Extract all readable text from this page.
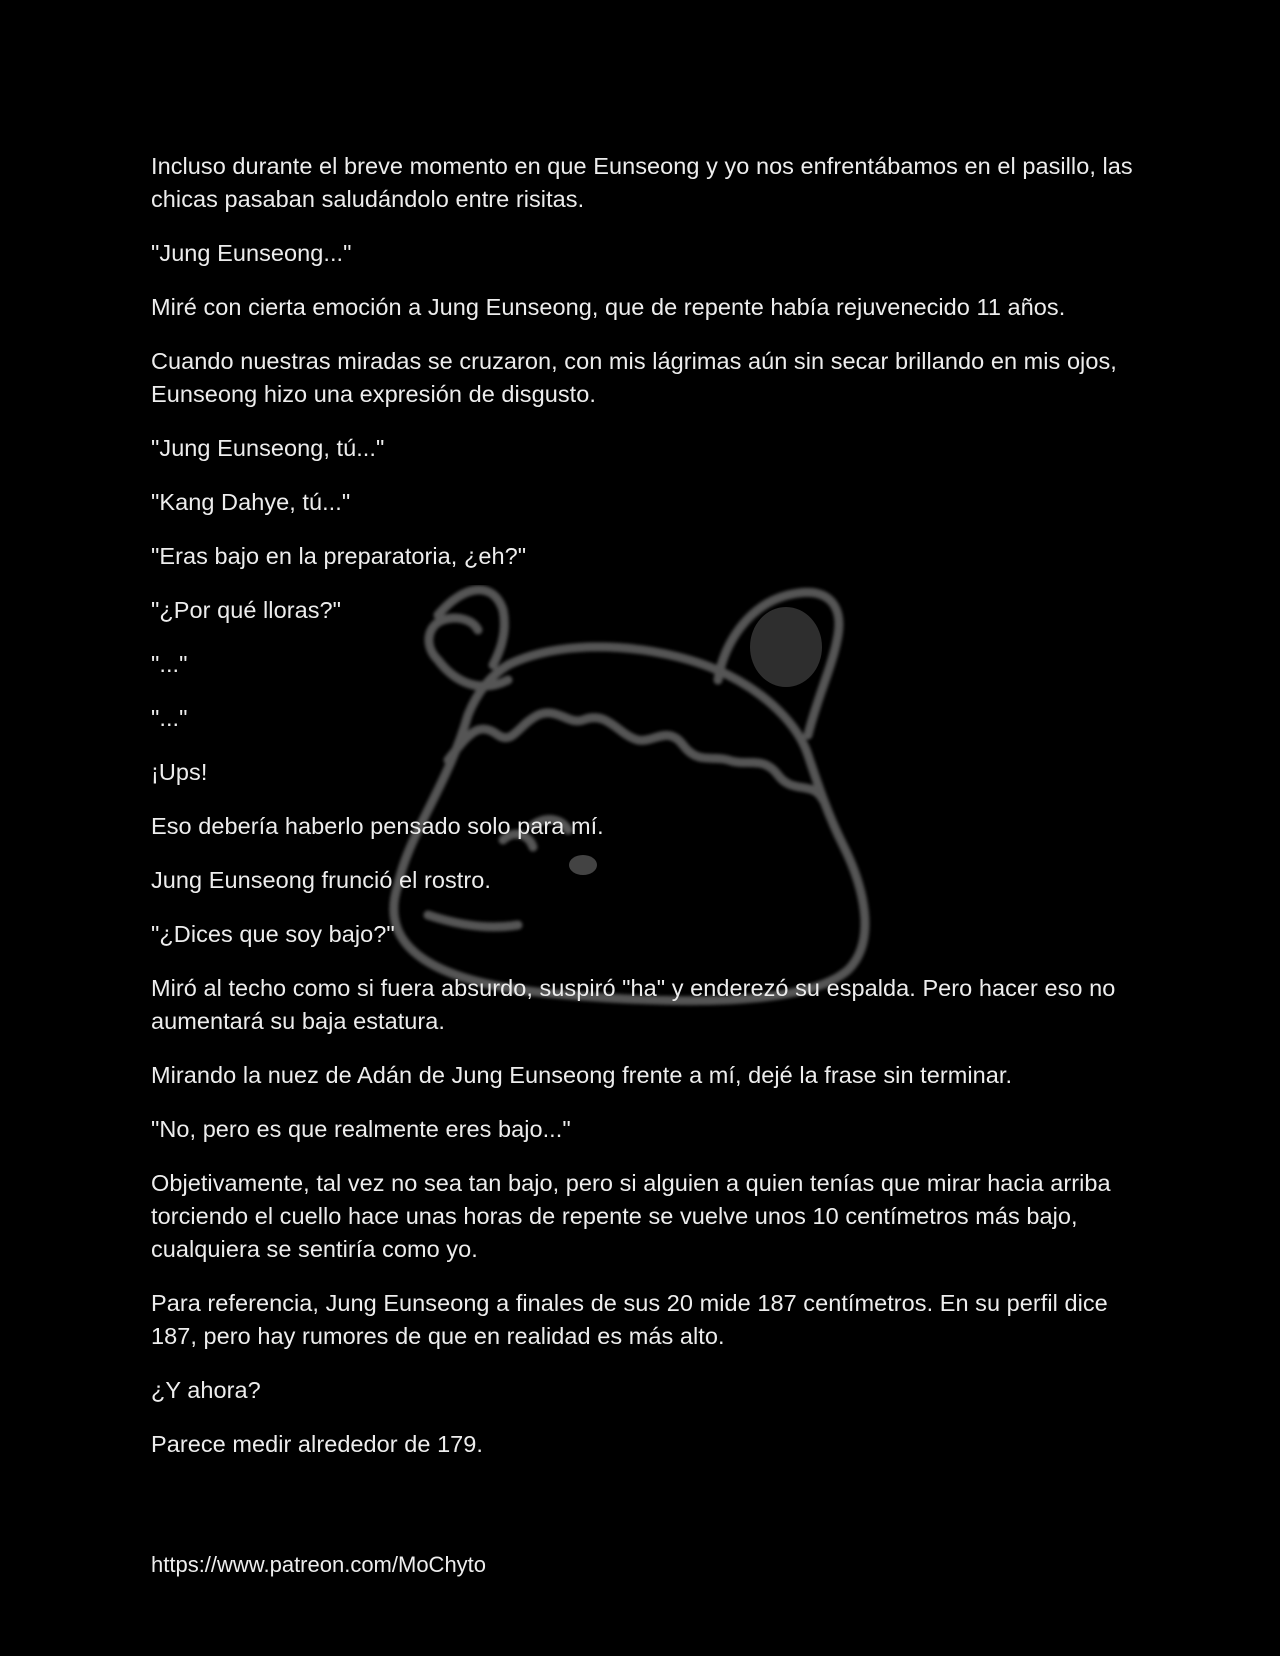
Incluso durante el breve momento en que Eunseong y yo nos enfrentábamos en el pasillo, las chicas pasaban saludándolo entre risitas.

"Jung Eunseong..."

Miré con cierta emoción a Jung Eunseong, que de repente había rejuvenecido 11 años.

Cuando nuestras miradas se cruzaron, con mis lágrimas aún sin secar brillando en mis ojos, Eunseong hizo una expresión de disgusto.

"Jung Eunseong, tú..."

"Kang Dahye, tú..."

"Eras bajo en la preparatoria, ¿eh?"

"¿Por qué lloras?"

"..."

"..."

¡Ups!

Eso debería haberlo pensado solo para mí.

Jung Eunseong frunció el rostro.

"¿Dices que soy bajo?"

Miró al techo como si fuera absurdo, suspiró "ha" y enderezó su espalda. Pero hacer eso no aumentará su baja estatura.

Mirando la nuez de Adán de Jung Eunseong frente a mí, dejé la frase sin terminar.

"No, pero es que realmente eres bajo..."

Objetivamente, tal vez no sea tan bajo, pero si alguien a quien tenías que mirar hacia arriba torciendo el cuello hace unas horas de repente se vuelve unos 10 centímetros más bajo, cualquiera se sentiría como yo.

Para referencia, Jung Eunseong a finales de sus 20 mide 187 centímetros. En su perfil dice 187, pero hay rumores de que en realidad es más alto.

¿Y ahora?

Parece medir alrededor de 179.

https://www.patreon.com/MoChyto
